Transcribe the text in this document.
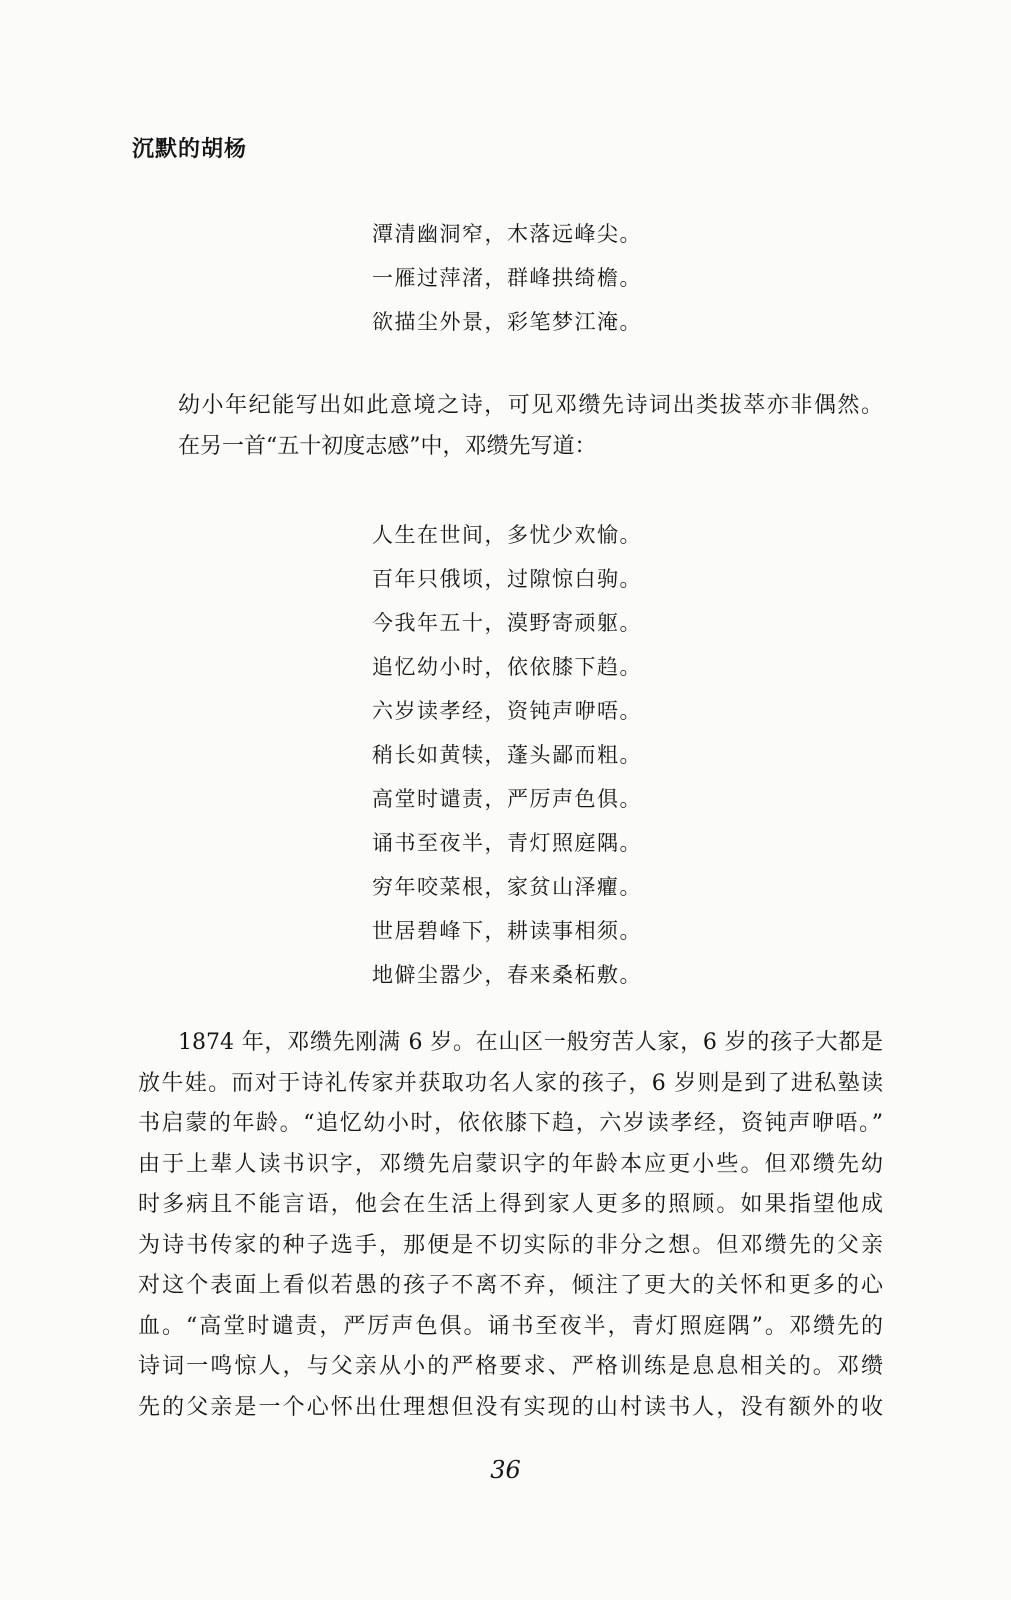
沉默的胡杨
潭清幽洞窄，木落远峰尖。
一雁过萍渚，群峰拱绮檐。
欲描尘外景，彩笔梦江淹。

幼小年纪能写出如此意境之诗，可见邓缵先诗词出类拔萃亦非偶然。
在另一首“五十初度志感”中，邓缵先写道：

人生在世间，多忧少欢愉。
百年只俄顷，过隙惊白驹。
今我年五十，漠野寄顽躯。
追忆幼小时，依依膝下趋。
六岁读孝经，资钝声咿唔。
稍长如黄犊，蓬头鄙而粗。
高堂时谴责，严厉声色俱。
诵书至夜半，青灯照庭隅。
穷年咬菜根，家贫山泽癯。
世居碧峰下，耕读事相须。
地僻尘嚣少，春来桑柘敷。

1874 年，邓缵先刚满 6 岁。在山区一般穷苦人家，6 岁的孩子大都是
放牛娃。而对于诗礼传家并获取功名人家的孩子，6 岁则是到了进私塾读
书启蒙的年龄。“追忆幼小时，依依膝下趋，六岁读孝经，资钝声咿唔。”
由于上辈人读书识字，邓缵先启蒙识字的年龄本应更小些。但邓缵先幼
时多病且不能言语，他会在生活上得到家人更多的照顾。如果指望他成
为诗书传家的种子选手，那便是不切实际的非分之想。但邓缵先的父亲
对这个表面上看似若愚的孩子不离不弃，倾注了更大的关怀和更多的心
血。“高堂时谴责，严厉声色俱。诵书至夜半，青灯照庭隅”。邓缵先的
诗词一鸣惊人，与父亲从小的严格要求、严格训练是息息相关的。邓缵
先的父亲是一个心怀出仕理想但没有实现的山村读书人，没有额外的收

36
